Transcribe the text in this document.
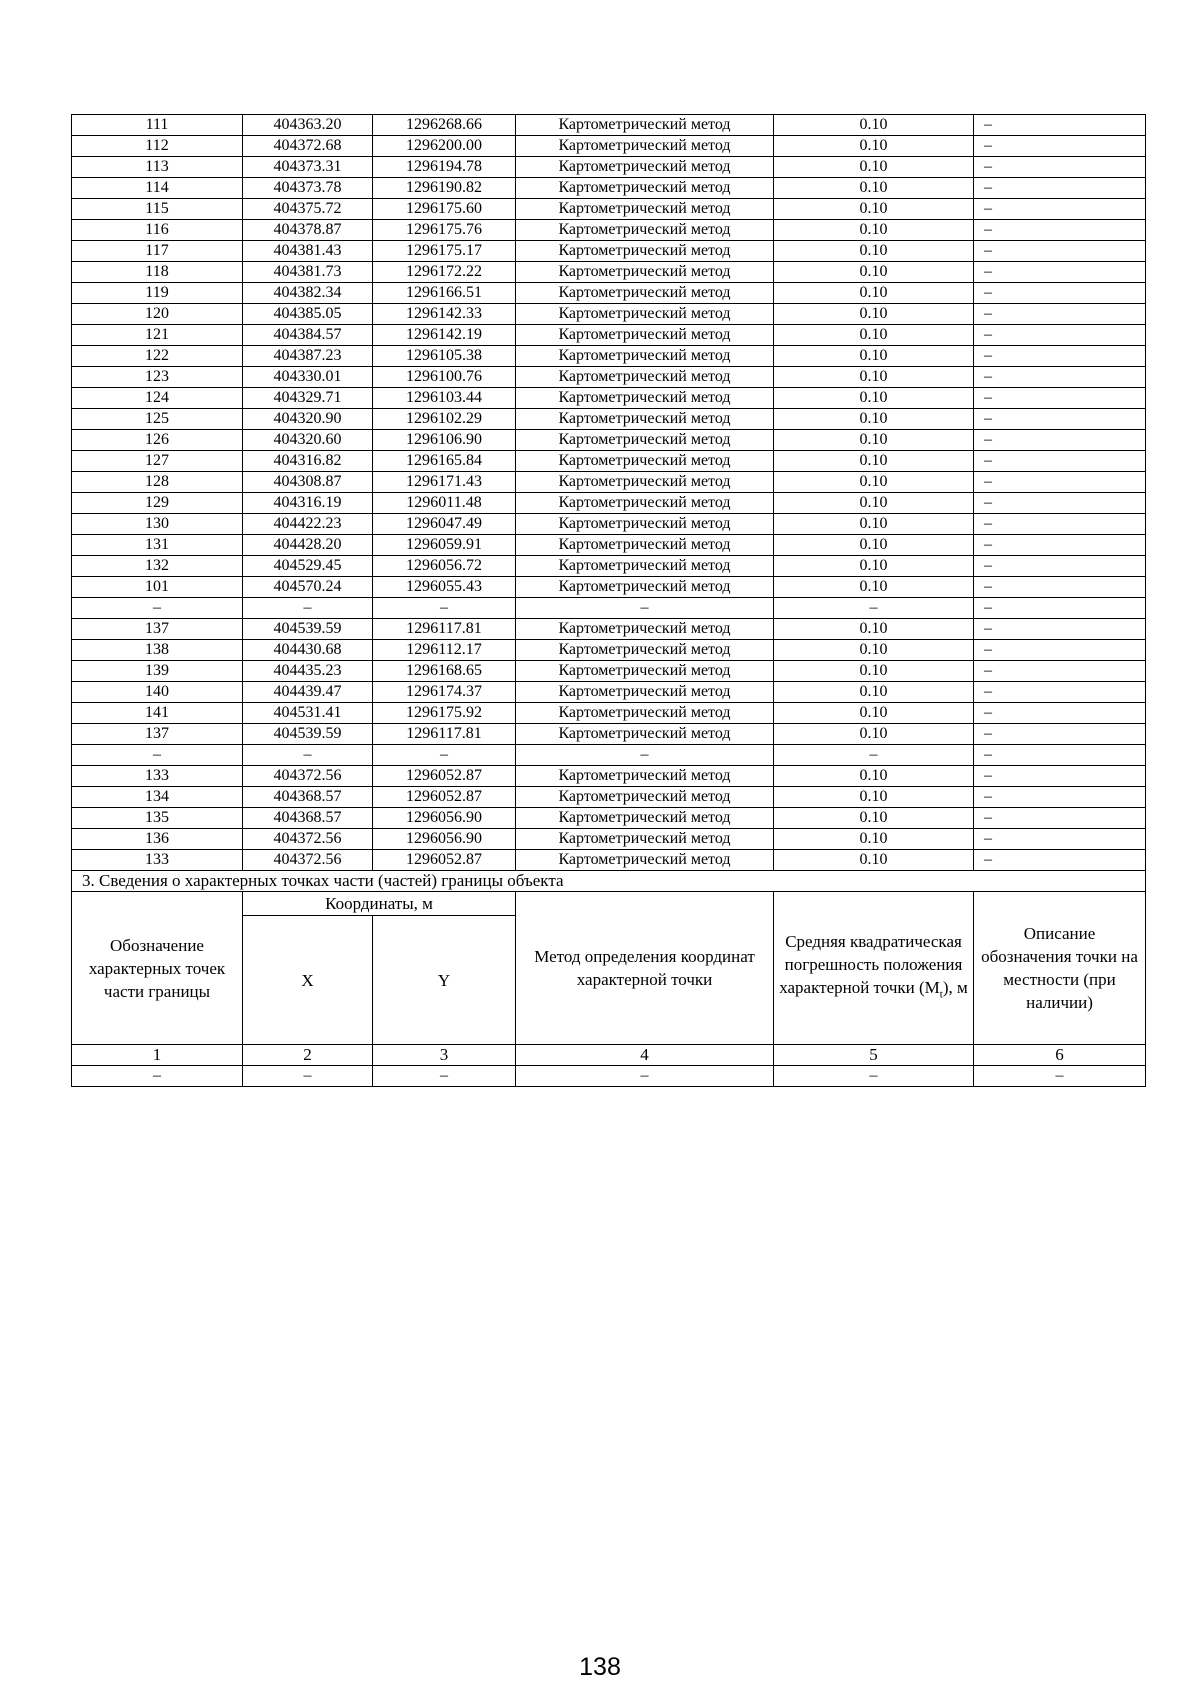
111	404363.20	1296268.66	Картометрический метод	0.10	–
112	404372.68	1296200.00	Картометрический метод	0.10	–
113	404373.31	1296194.78	Картометрический метод	0.10	–
114	404373.78	1296190.82	Картометрический метод	0.10	–
115	404375.72	1296175.60	Картометрический метод	0.10	–
116	404378.87	1296175.76	Картометрический метод	0.10	–
117	404381.43	1296175.17	Картометрический метод	0.10	–
118	404381.73	1296172.22	Картометрический метод	0.10	–
119	404382.34	1296166.51	Картометрический метод	0.10	–
120	404385.05	1296142.33	Картометрический метод	0.10	–
121	404384.57	1296142.19	Картометрический метод	0.10	–
122	404387.23	1296105.38	Картометрический метод	0.10	–
123	404330.01	1296100.76	Картометрический метод	0.10	–
124	404329.71	1296103.44	Картометрический метод	0.10	–
125	404320.90	1296102.29	Картометрический метод	0.10	–
126	404320.60	1296106.90	Картометрический метод	0.10	–
127	404316.82	1296165.84	Картометрический метод	0.10	–
128	404308.87	1296171.43	Картометрический метод	0.10	–
129	404316.19	1296011.48	Картометрический метод	0.10	–
130	404422.23	1296047.49	Картометрический метод	0.10	–
131	404428.20	1296059.91	Картометрический метод	0.10	–
132	404529.45	1296056.72	Картометрический метод	0.10	–
101	404570.24	1296055.43	Картометрический метод	0.10	–
–	–	–	–	–	–
137	404539.59	1296117.81	Картометрический метод	0.10	–
138	404430.68	1296112.17	Картометрический метод	0.10	–
139	404435.23	1296168.65	Картометрический метод	0.10	–
140	404439.47	1296174.37	Картометрический метод	0.10	–
141	404531.41	1296175.92	Картометрический метод	0.10	–
137	404539.59	1296117.81	Картометрический метод	0.10	–
–	–	–	–	–	–
133	404372.56	1296052.87	Картометрический метод	0.10	–
134	404368.57	1296052.87	Картометрический метод	0.10	–
135	404368.57	1296056.90	Картометрический метод	0.10	–
136	404372.56	1296056.90	Картометрический метод	0.10	–
133	404372.56	1296052.87	Картометрический метод	0.10	–
3. Сведения о характерных точках части (частей) границы объекта					
Обозначение характерных точек части границы	Координаты, м		Метод определения координат характерной точки	Средняя квадратическая погрешность положения характерной точки $(M_t)$, м	Описание обозначения точки на местности (при наличии)
	X	Y			
1	2	3	4	5	6
–	–	–	–	–	–
138
